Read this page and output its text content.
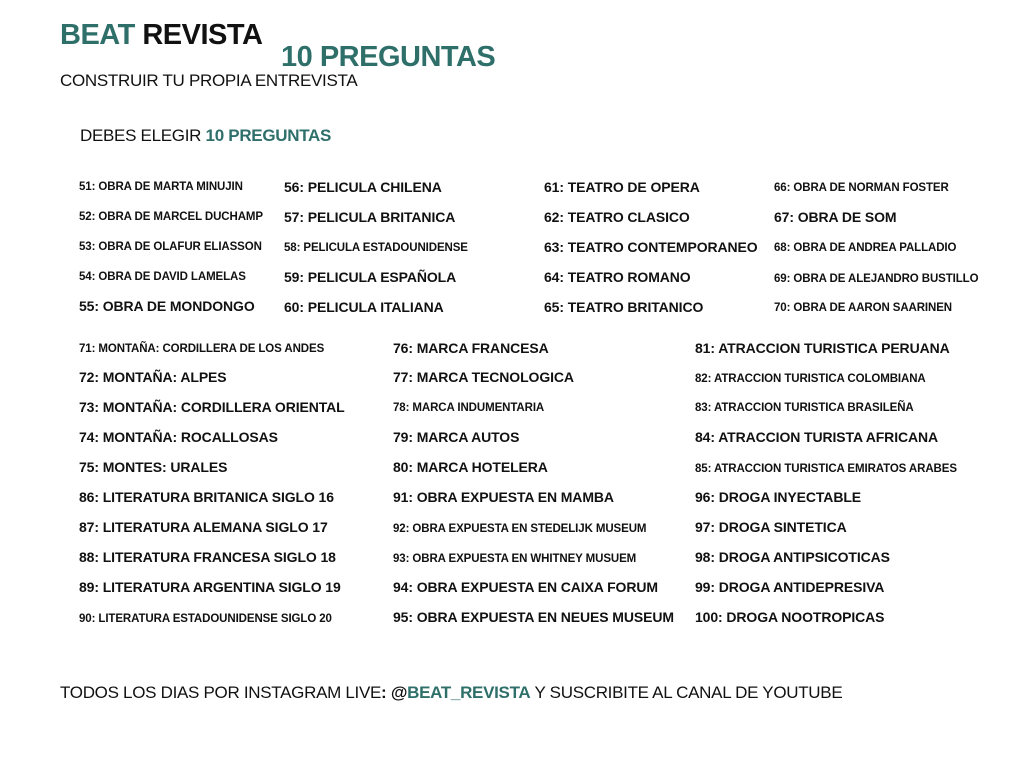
BEAT REVISTA
10 PREGUNTAS
CONSTRUIR TU PROPIA ENTREVISTA
DEBES ELEGIR 10 PREGUNTAS
51: OBRA DE MARTA MINUJIN
52: OBRA DE MARCEL DUCHAMP
53: OBRA DE OLAFUR ELIASSON
54: OBRA DE DAVID LAMELAS
55: OBRA DE MONDONGO
56: PELICULA CHILENA
57: PELICULA BRITANICA
58: PELICULA ESTADOUNIDENSE
59: PELICULA ESPAÑOLA
60: PELICULA ITALIANA
61: TEATRO DE OPERA
62: TEATRO CLASICO
63: TEATRO CONTEMPORANEO
64: TEATRO ROMANO
65: TEATRO BRITANICO
66: OBRA DE NORMAN FOSTER
67: OBRA DE SOM
68: OBRA DE ANDREA PALLADIO
69: OBRA DE ALEJANDRO BUSTILLO
70: OBRA DE AARON SAARINEN
71: MONTAÑA: CORDILLERA DE LOS ANDES
72: MONTAÑA: ALPES
73: MONTAÑA: CORDILLERA ORIENTAL
74: MONTAÑA: ROCALLOSAS
75: MONTES: URALES
86: LITERATURA BRITANICA SIGLO 16
87: LITERATURA ALEMANA SIGLO 17
88: LITERATURA FRANCESA SIGLO 18
89: LITERATURA ARGENTINA SIGLO 19
90: LITERATURA ESTADOUNIDENSE SIGLO 20
76: MARCA FRANCESA
77: MARCA TECNOLOGICA
78: MARCA INDUMENTARIA
79: MARCA AUTOS
80: MARCA HOTELERA
91: OBRA EXPUESTA EN MAMBA
92: OBRA EXPUESTA EN STEDELIJK MUSEUM
93: OBRA EXPUESTA EN WHITNEY MUSUEM
94: OBRA EXPUESTA EN CAIXA FORUM
95: OBRA EXPUESTA EN NEUES MUSEUM
81: ATRACCION TURISTICA PERUANA
82: ATRACCION TURISTICA COLOMBIANA
83: ATRACCION TURISTICA BRASILEÑA
84: ATRACCION TURISTA AFRICANA
85: ATRACCION TURISTICA EMIRATOS ARABES
96: DROGA INYECTABLE
97: DROGA SINTETICA
98: DROGA ANTIPSICOTICAS
99: DROGA ANTIDEPRESIVA
100: DROGA NOOTROPICAS
TODOS LOS DIAS POR INSTAGRAM LIVE: @BEAT_REVISTA Y SUSCRIBITE AL CANAL DE YOUTUBE
